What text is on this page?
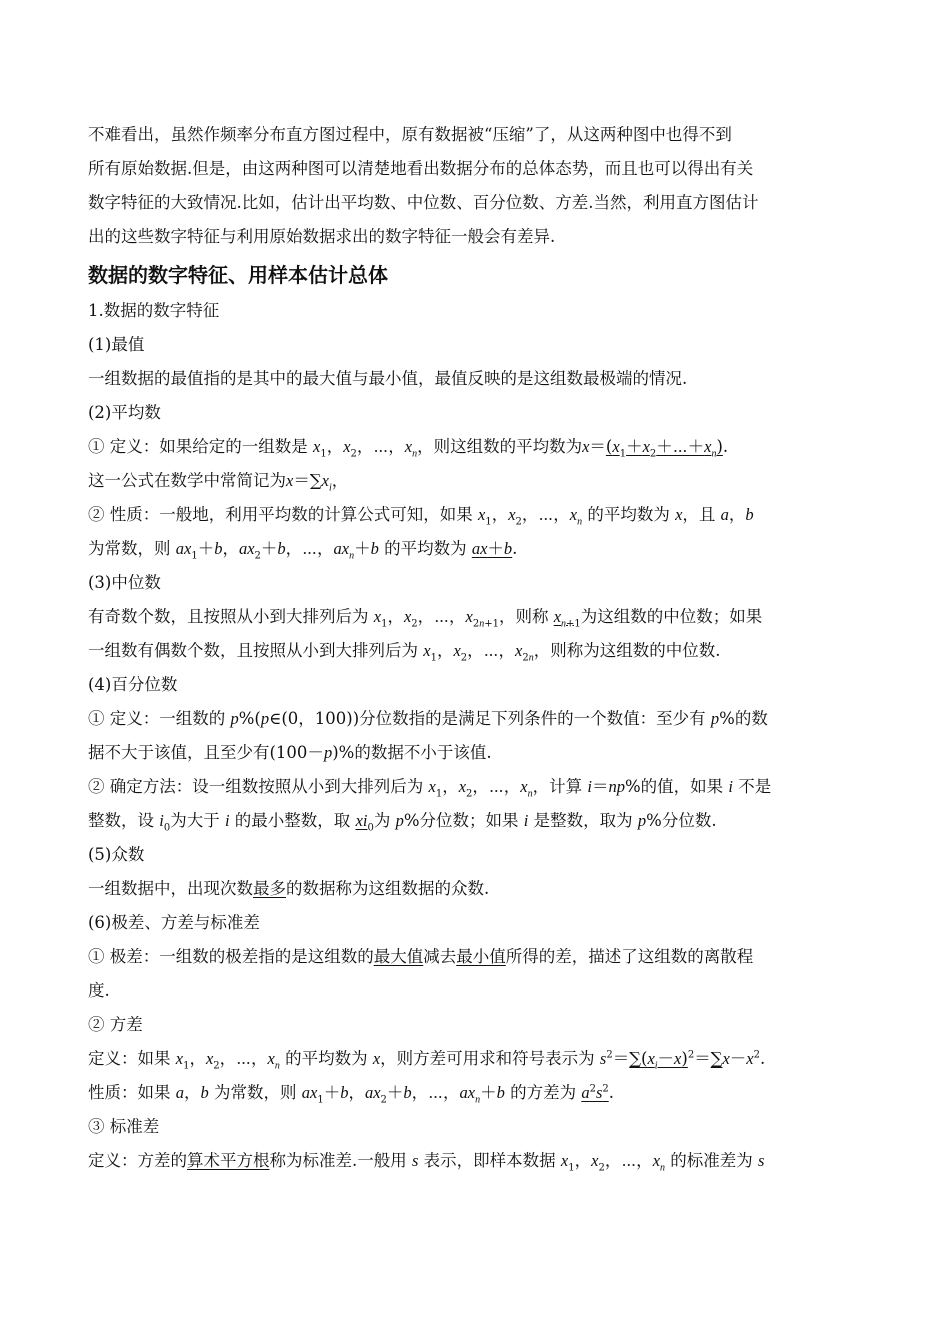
不难看出，虽然作频率分布直方图过程中，原有数据被“压缩”了，从这两种图中也得不到
所有原始数据.但是，由这两种图可以清楚地看出数据分布的总体态势，而且也可以得出有关
数字特征的大致情况.比如，估计出平均数、中位数、百分位数、方差.当然，利用直方图估计
出的这些数字特征与利用原始数据求出的数字特征一般会有差异.

数据的数字特征、用样本估计总体
1.数据的数字特征
(1)最值
一组数据的最值指的是其中的最大值与最小值，最值反映的是这组数最极端的情况.
(2)平均数
① 定义：如果给定的一组数是 $x_1$，$x_2$，⋯，$x_n$，则这组数的平均数为$x=(x_1+x_2+\cdots+x_n)$.
这一公式在数学中常简记为$x=\sum x_i$，
② 性质：一般地，利用平均数的计算公式可知，如果 $x_1$，$x_2$，⋯，$x_n$ 的平均数为 x，且 a，b
为常数，则 $ax_1+b$，$ax_2+b$，⋯，$ax_n+b$ 的平均数为 ax＋b.
(3)中位数
有奇数个数，且按照从小到大排列后为 $x_1$，$x_2$，⋯，$x_{2n+1}$，则称 $x_{n+1}$为这组数的中位数；如果
一组数有偶数个数，且按照从小到大排列后为 $x_1$，$x_2$，⋯，$x_{2n}$，则称为这组数的中位数.
(4)百分位数
① 定义：一组数的 p%(p∈(0，100))分位数指的是满足下列条件的一个数值：至少有 p%的数
据不大于该值，且至少有(100－p)%的数据不小于该值.
② 确定方法：设一组数按照从小到大排列后为 $x_1$，$x_2$，⋯，$x_n$，计算 i＝np%的值，如果 i 不是
整数，设 $i_0$为大于 i 的最小整数，取 $xi_0$为 p%分位数；如果 i 是整数，取为 p%分位数.
(5)众数
一组数据中，出现次数最多的数据称为这组数据的众数.
(6)极差、方差与标准差
① 极差：一组数的极差指的是这组数的最大值减去最小值所得的差，描述了这组数的离散程
度.
② 方差
定义：如果 $x_1$，$x_2$，⋯，$x_n$ 的平均数为 x，则方差可用求和符号表示为 $s^2=\sum(x_i-x)^2=\sum x-x^2$.
性质：如果 a，b 为常数，则 $ax_1+b$，$ax_2+b$，⋯，$ax_n+b$ 的方差为 $a^2s^2$.
③ 标准差
定义：方差的算术平方根称为标准差.一般用 s 表示，即样本数据 $x_1$，$x_2$，⋯，$x_n$ 的标准差为 s
